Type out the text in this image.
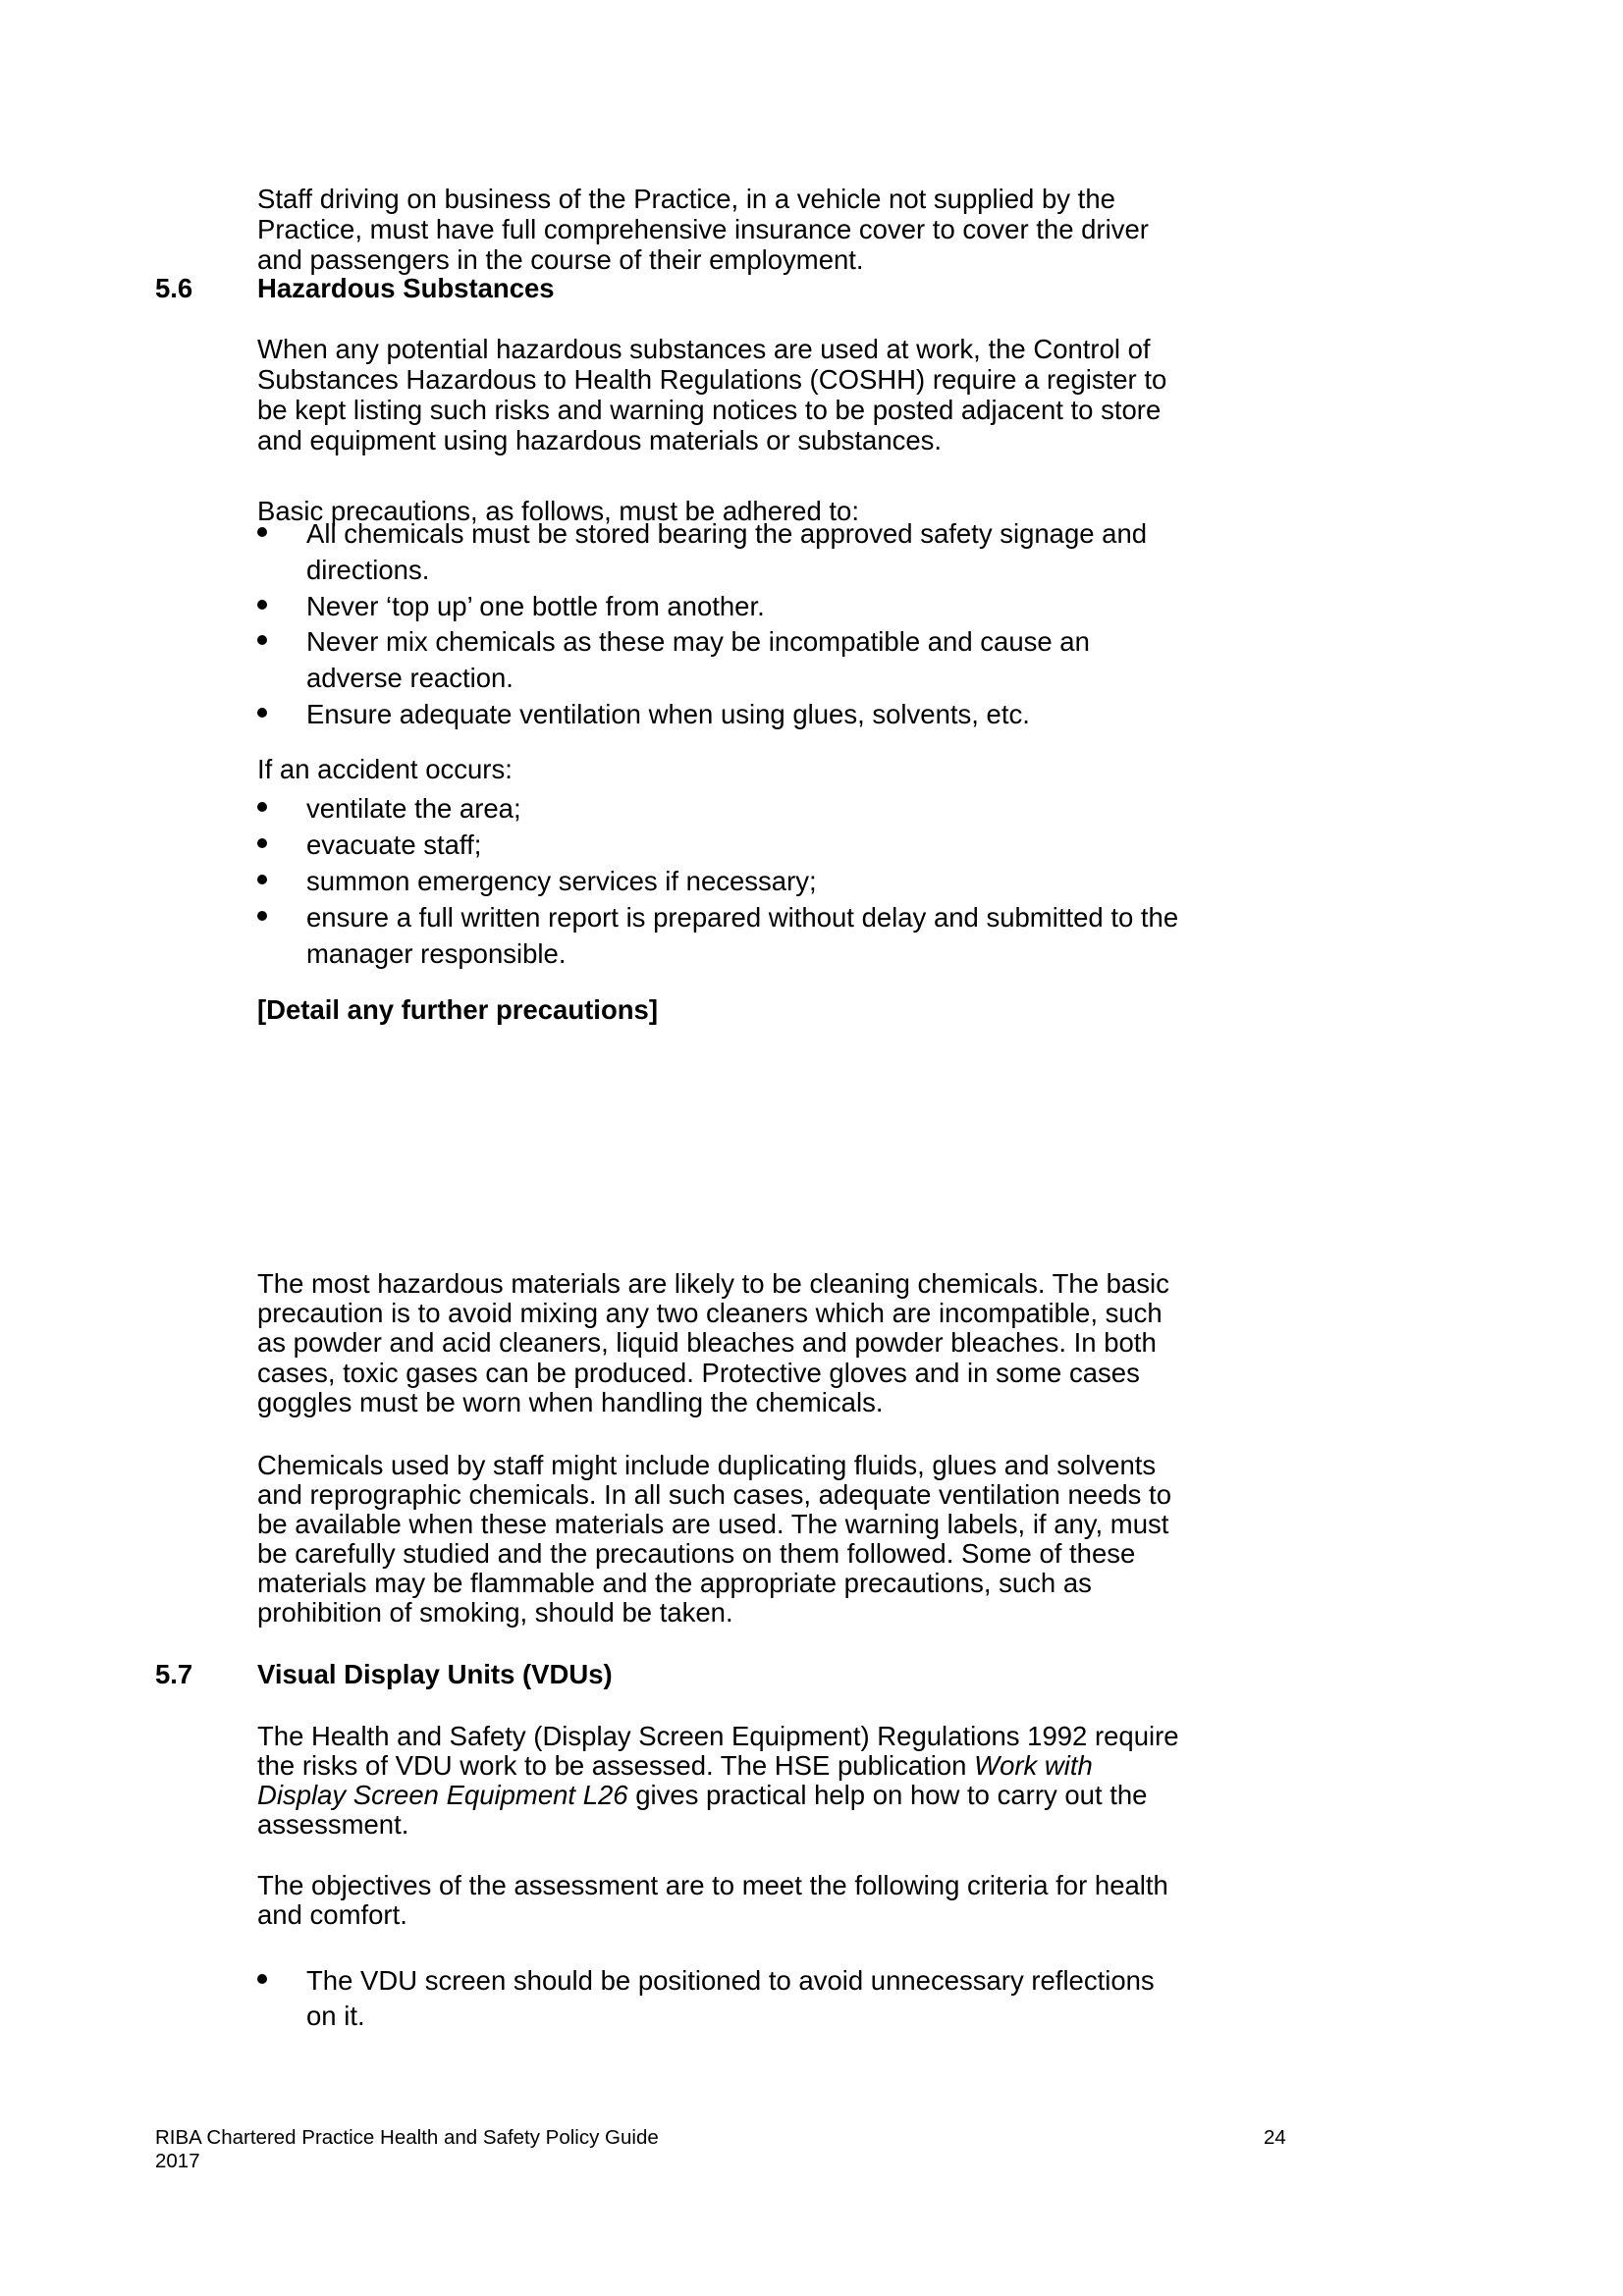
Staff driving on business of the Practice, in a vehicle not supplied by the
Practice, must have full comprehensive insurance cover to cover the driver
and passengers in the course of their employment.
5.6 Hazardous Substances
When any potential hazardous substances are used at work, the Control of
Substances Hazardous to Health Regulations (COSHH) require a register to
be kept listing such risks and warning notices to be posted adjacent to store
and equipment using hazardous materials or substances.
Basic precautions, as follows, must be adhered to:
All chemicals must be stored bearing the approved safety signage and
directions.
Never ‘top up’ one bottle from another.
Never mix chemicals as these may be incompatible and cause an
adverse reaction.
Ensure adequate ventilation when using glues, solvents, etc.
If an accident occurs:
ventilate the area;
evacuate staff;
summon emergency services if necessary;
ensure a full written report is prepared without delay and submitted to the
manager responsible.
[Detail any further precautions]
The most hazardous materials are likely to be cleaning chemicals. The basic
precaution is to avoid mixing any two cleaners which are incompatible, such
as powder and acid cleaners, liquid bleaches and powder bleaches. In both
cases, toxic gases can be produced. Protective gloves and in some cases
goggles must be worn when handling the chemicals.
Chemicals used by staff might include duplicating fluids, glues and solvents
and reprographic chemicals. In all such cases, adequate ventilation needs to
be available when these materials are used. The warning labels, if any, must
be carefully studied and the precautions on them followed. Some of these
materials may be flammable and the appropriate precautions, such as
prohibition of smoking, should be taken.
5.7 Visual Display Units (VDUs)
The Health and Safety (Display Screen Equipment) Regulations 1992 require
the risks of VDU work to be assessed. The HSE publication Work with
Display Screen Equipment L26 gives practical help on how to carry out the
assessment.
The objectives of the assessment are to meet the following criteria for health
and comfort.
The VDU screen should be positioned to avoid unnecessary reflections
on it.
RIBA Chartered Practice Health and Safety Policy Guide
2017
24
